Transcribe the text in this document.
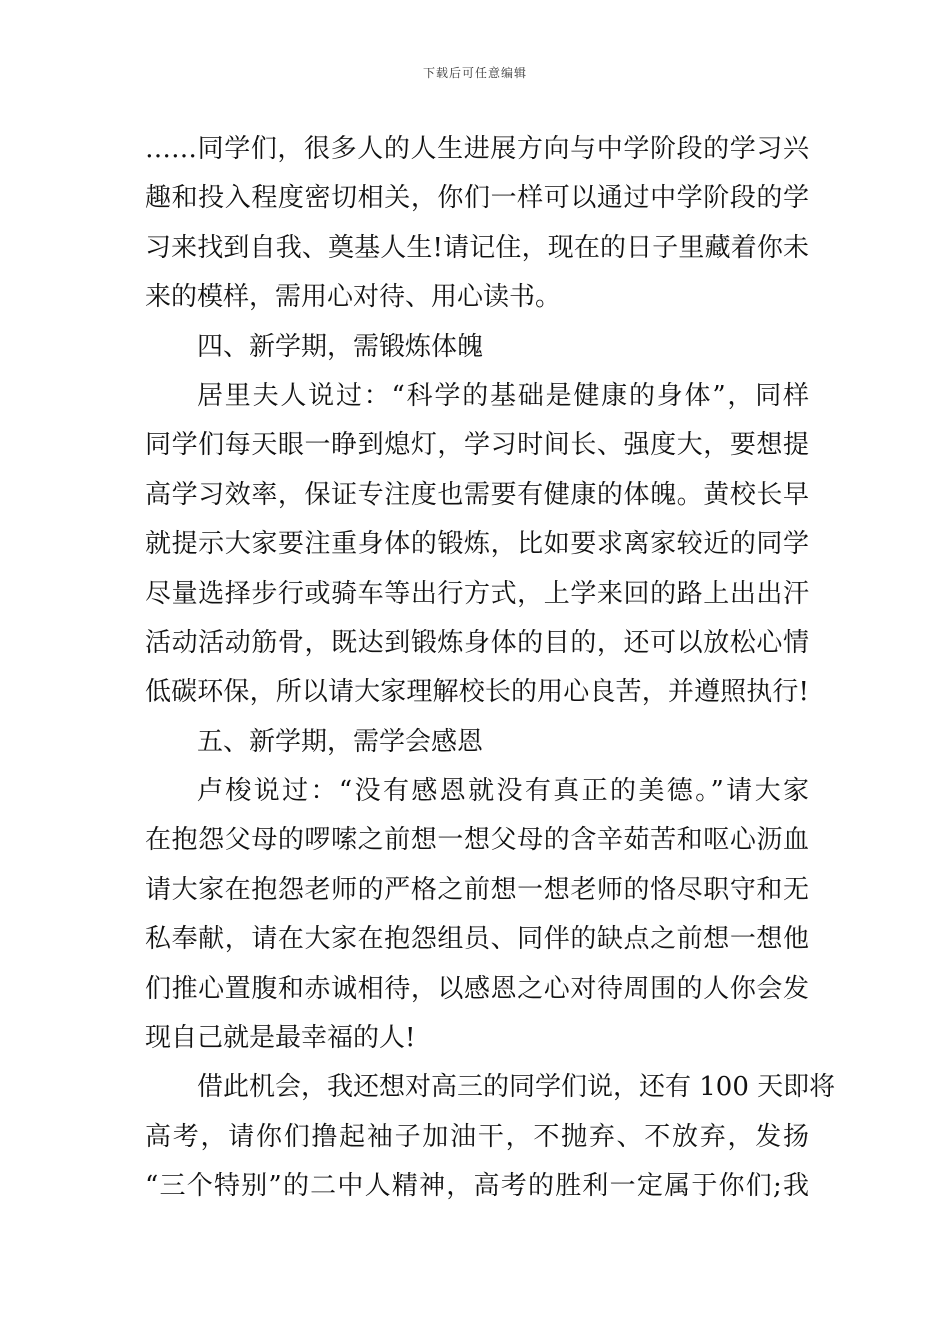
下载后可任意编辑
……同学们，很多人的人生进展方向与中学阶段的学习兴
趣和投入程度密切相关，你们一样可以通过中学阶段的学
习来找到自我、奠基人生!请记住，现在的日子里藏着你未
来的模样，需用心对待、用心读书。
四、新学期，需锻炼体魄
居里夫人说过：“科学的基础是健康的身体”，同样
同学们每天眼一睁到熄灯，学习时间长、强度大，要想提
高学习效率，保证专注度也需要有健康的体魄。黄校长早
就提示大家要注重身体的锻炼，比如要求离家较近的同学
尽量选择步行或骑车等出行方式，上学来回的路上出出汗
活动活动筋骨，既达到锻炼身体的目的，还可以放松心情
低碳环保，所以请大家理解校长的用心良苦，并遵照执行!
五、新学期，需学会感恩
卢梭说过：“没有感恩就没有真正的美德。”请大家
在抱怨父母的啰嗦之前想一想父母的含辛茹苦和呕心沥血
请大家在抱怨老师的严格之前想一想老师的恪尽职守和无
私奉献，请在大家在抱怨组员、同伴的缺点之前想一想他
们推心置腹和赤诚相待，以感恩之心对待周围的人你会发
现自己就是最幸福的人!
借此机会，我还想对高三的同学们说，还有 100 天即将
高考，请你们撸起袖子加油干，不抛弃、不放弃，发扬
“三个特别”的二中人精神，高考的胜利一定属于你们;我
